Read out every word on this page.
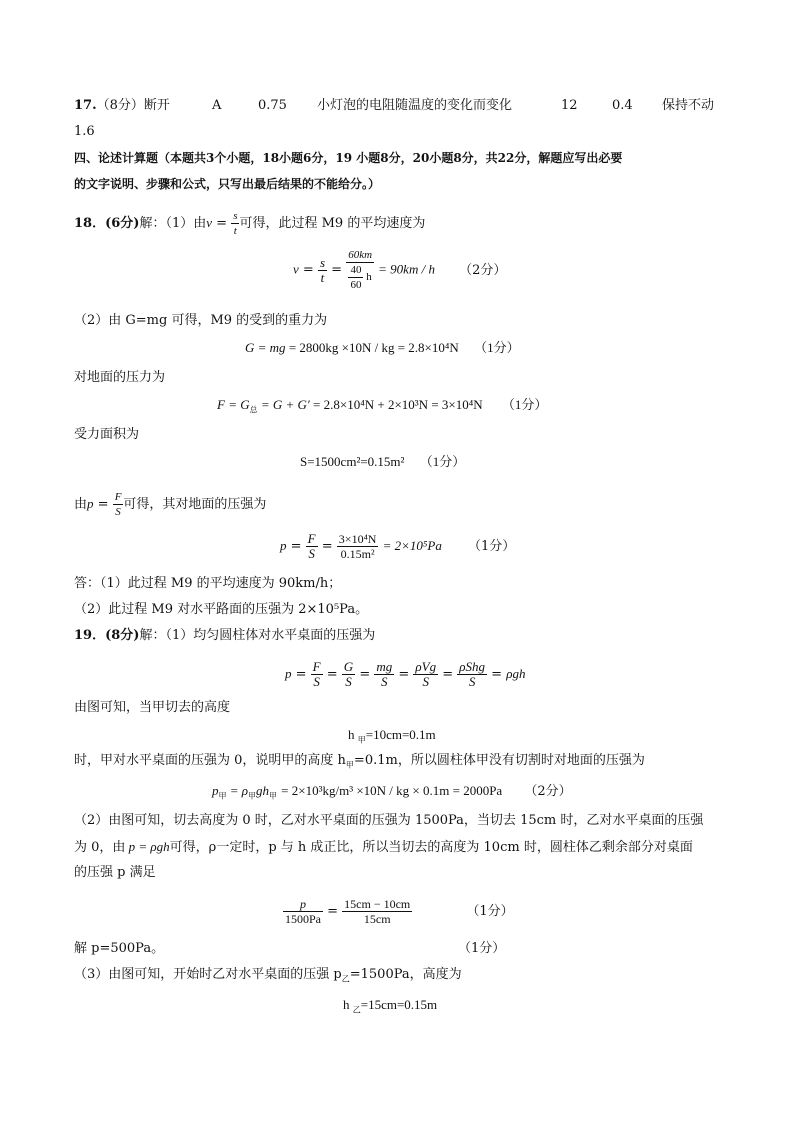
17.（8分）断开	A	0.75 小灯泡的电阻随温度的变化而变化	12	0.4 保持不动
1.6
四、论述计算题（本题共3个小题，18小题6分，19 小题8分，20小题8分，共22分，解题应写出必要
的文字说明、步骤和公式，只写出最后结果的不能给分。）
18．(6分)解：（1）由$v = \frac{s}{t}$ 可得，此过程 M9 的平均速度为
$v = \frac{s}{t} = \frac{60km}{\frac{40}{60} h} = 90km / h$ （2分）
（2）由 G=mg 可得，M9 的受到的重力为
G = mg = 2800kg ×10N / kg = 2.8×10⁴N （1分）
对地面的压力为
$F = G_总 = G + G' = 2.8\times 10^4N + 2\times 10^3N = 3\times 10^4N$ （1分）
受力面积为
S=1500cm²=0.15m² （1分）
由$p = \frac{F}{S}$ 可得，其对地面的压强为
$p = \frac{F}{S} = \frac{\text{3×10⁴N}}{\text{0.15m²}} = 2\times 10^5Pa$ （1分）
答：（1）此过程 M9 的平均速度为 90km/h；
（2）此过程 M9 对水平路面的压强为 2×10⁵Pa。
19．(8分)解：（1）均匀圆柱体对水平桌面的压强为
$p = \frac{F}{S} = \frac{G}{S} = \frac{mg}{S} = \frac{\text{ρVg}}{S} = \frac{\text{ρShg}}{S} = \rho gh$
由图可知，当甲切去的高度
h $_甲$=10cm=0.1m
时，甲对水平桌面的压强为 0，说明甲的高度 $h_甲=0.1m$，所以圆柱体甲没有切割时对地面的压强为
$p_甲 = \rho_甲gh_甲 = 2\times 10^3kg/m^3 \times 10N$ / kg × 0.1m = 2000Pa （2分）
（2）由图可知，切去高度为 0 时，乙对水平桌面的压强为 1500Pa，当切去 15cm 时，乙对水平桌面的压强
为 0，由 p = ρgh可得，ρ一定时，p 与 h 成正比，所以当切去的高度为 10cm 时，圆柱体乙剩余部分对桌面
的压强 p 满足
$\frac{p}{1500Pa} = \frac{15cm - 10cm}{15cm}$	（1分）
解 p=500Pa。	（1分）
（3）由图可知，开始时乙对水平桌面的压强 $p_乙=1500Pa$，高度为
h $_乙$=15cm=0.15m
